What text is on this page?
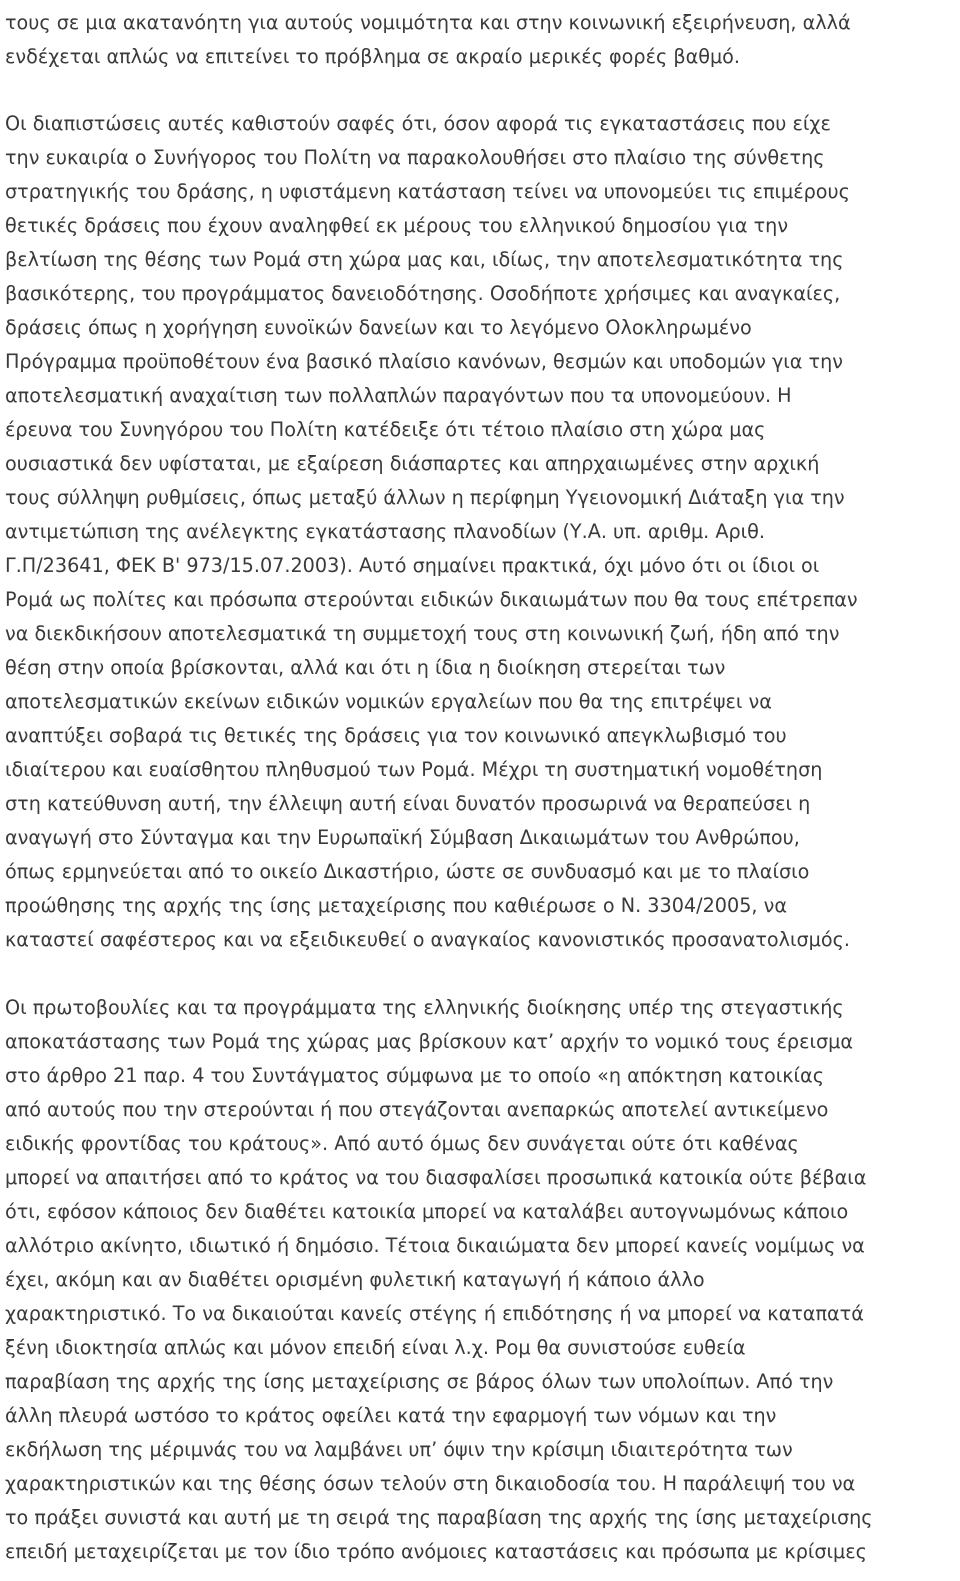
τους σε μια ακατανόητη για αυτούς νομιμότητα και στην κοινωνική εξειρήνευση, αλλά
ενδέχεται απλώς να επιτείνει το πρόβλημα σε ακραίο μερικές φορές βαθμό.
Οι διαπιστώσεις αυτές καθιστούν σαφές ότι, όσον αφορά τις εγκαταστάσεις που είχε
την ευκαιρία ο Συνήγορος του Πολίτη να παρακολουθήσει στο πλαίσιο της σύνθετης
στρατηγικής του δράσης, η υφιστάμενη κατάσταση τείνει να υπονομεύει τις επιμέρους
θετικές δράσεις που έχουν αναληφθεί εκ μέρους του ελληνικού δημοσίου για την
βελτίωση της θέσης των Ρομά στη χώρα μας και, ιδίως, την αποτελεσματικότητα της
βασικότερης, του προγράμματος δανειοδότησης. Οσοδήποτε χρήσιμες και αναγκαίες,
δράσεις όπως η χορήγηση ευνοϊκών δανείων και το λεγόμενο Ολοκληρωμένο
Πρόγραμμα προϋποθέτουν ένα βασικό πλαίσιο κανόνων, θεσμών και υποδομών για την
αποτελεσματική αναχαίτιση των πολλαπλών παραγόντων που τα υπονομεύουν. Η
έρευνα του Συνηγόρου του Πολίτη κατέδειξε ότι τέτοιο πλαίσιο στη χώρα μας
ουσιαστικά δεν υφίσταται, με εξαίρεση διάσπαρτες και απηρχαιωμένες στην αρχική
τους σύλληψη ρυθμίσεις, όπως μεταξύ άλλων η περίφημη Υγειονομική Διάταξη για την
αντιμετώπιση της ανέλεγκτης εγκατάστασης πλανοδίων (Υ.Α. υπ. αριθμ. Αριθ.
Γ.Π/23641, ΦΕΚ Β' 973/15.07.2003). Αυτό σημαίνει πρακτικά, όχι μόνο ότι οι ίδιοι οι
Ρομά ως πολίτες και πρόσωπα στερούνται ειδικών δικαιωμάτων που θα τους επέτρεπαν
να διεκδικήσουν αποτελεσματικά τη συμμετοχή τους στη κοινωνική ζωή, ήδη από την
θέση στην οποία βρίσκονται, αλλά και ότι η ίδια η διοίκηση στερείται των
αποτελεσματικών εκείνων ειδικών νομικών εργαλείων που θα της επιτρέψει να
αναπτύξει σοβαρά τις θετικές της δράσεις για τον κοινωνικό απεγκλωβισμό του
ιδιαίτερου και ευαίσθητου πληθυσμού των Ρομά. Μέχρι τη συστηματική νομοθέτηση
στη κατεύθυνση αυτή, την έλλειψη αυτή είναι δυνατόν προσωρινά να θεραπεύσει η
αναγωγή στο Σύνταγμα και την Ευρωπαϊκή Σύμβαση Δικαιωμάτων του Ανθρώπου,
όπως ερμηνεύεται από το οικείο Δικαστήριο, ώστε σε συνδυασμό και με το πλαίσιο
προώθησης της αρχής της ίσης μεταχείρισης που καθιέρωσε ο Ν. 3304/2005, να
καταστεί σαφέστερος και να εξειδικευθεί ο αναγκαίος κανονιστικός προσανατολισμός.
Οι πρωτοβουλίες και τα προγράμματα της ελληνικής διοίκησης υπέρ της στεγαστικής
αποκατάστασης των Ρομά της χώρας μας βρίσκουν κατ’ αρχήν το νομικό τους έρεισμα
στο άρθρο 21 παρ. 4 του Συντάγματος σύμφωνα με το οποίο «η απόκτηση κατοικίας
από αυτούς που την στερούνται ή που στεγάζονται ανεπαρκώς αποτελεί αντικείμενο
ειδικής φροντίδας του κράτους». Από αυτό όμως δεν συνάγεται ούτε ότι καθένας
μπορεί να απαιτήσει από το κράτος να του διασφαλίσει προσωπικά κατοικία ούτε βέβαια
ότι, εφόσον κάποιος δεν διαθέτει κατοικία μπορεί να καταλάβει αυτογνωμόνως κάποιο
αλλότριο ακίνητο, ιδιωτικό ή δημόσιο. Τέτοια δικαιώματα δεν μπορεί κανείς νομίμως να
έχει, ακόμη και αν διαθέτει ορισμένη φυλετική καταγωγή ή κάποιο άλλο
χαρακτηριστικό. Το να δικαιούται κανείς στέγης ή επιδότησης ή να μπορεί να καταπατά
ξένη ιδιοκτησία απλώς και μόνον επειδή είναι λ.χ. Ρομ θα συνιστούσε ευθεία
παραβίαση της αρχής της ίσης μεταχείρισης σε βάρος όλων των υπολοίπων. Από την
άλλη πλευρά ωστόσο το κράτος οφείλει κατά την εφαρμογή των νόμων και την
εκδήλωση της μέριμνάς του να λαμβάνει υπ’ όψιν την κρίσιμη ιδιαιτερότητα των
χαρακτηριστικών και της θέσης όσων τελούν στη δικαιοδοσία του. Η παράλειψή του να
το πράξει συνιστά και αυτή με τη σειρά της παραβίαση της αρχής της ίσης μεταχείρισης
επειδή μεταχειρίζεται με τον ίδιο τρόπο ανόμοιες καταστάσεις και πρόσωπα με κρίσιμες
